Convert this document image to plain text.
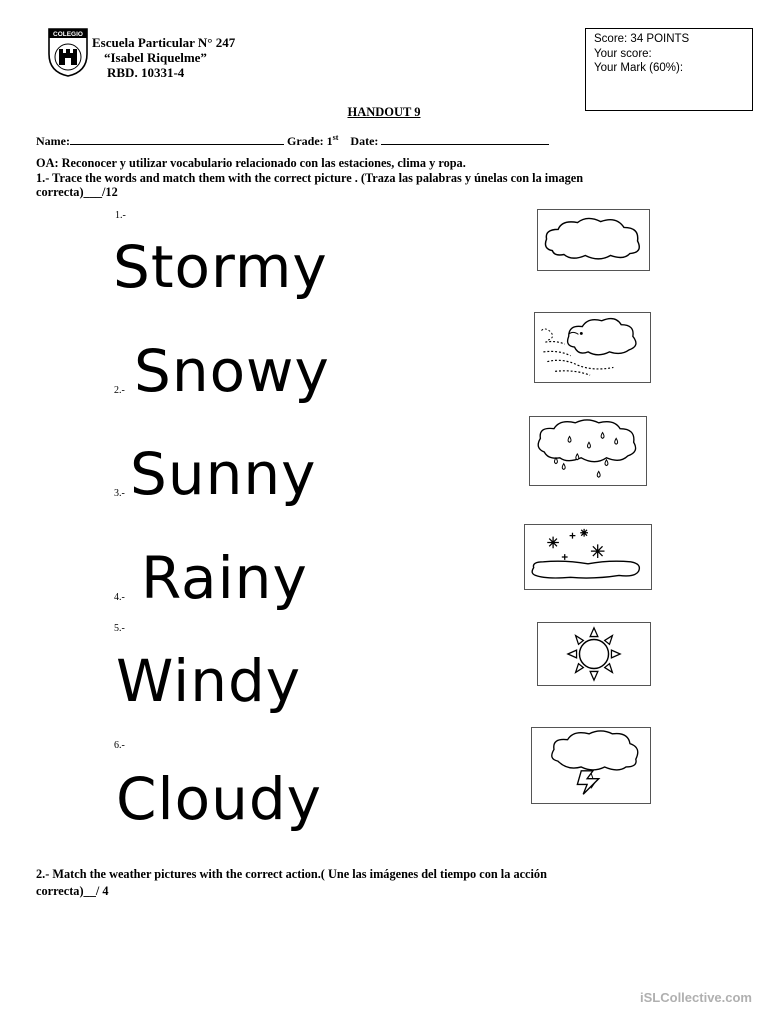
COLEGIO
Escuela Particular N° 247
“Isabel Riquelme”
RBD. 10331-4
Score: 34 POINTS
Your score:
Your Mark (60%):
HANDOUT 9
Name:	Grade: 1st Date:
OA: Reconocer y utilizar vocabulario relacionado con las estaciones, clima y ropa.
1.- Trace the words and match them with the correct picture . (Traza las palabras y únelas con la imagen
correcta)___/12
1.-
Stormy
2.- Snowy
3.- Sunny
4.- Rainy
5.-
Windy
6.-
Cloudy
2.- Match the weather pictures with the correct action.( Une las imágenes del tiempo con la acción
correcta)__/ 4
iSLCollective.com
